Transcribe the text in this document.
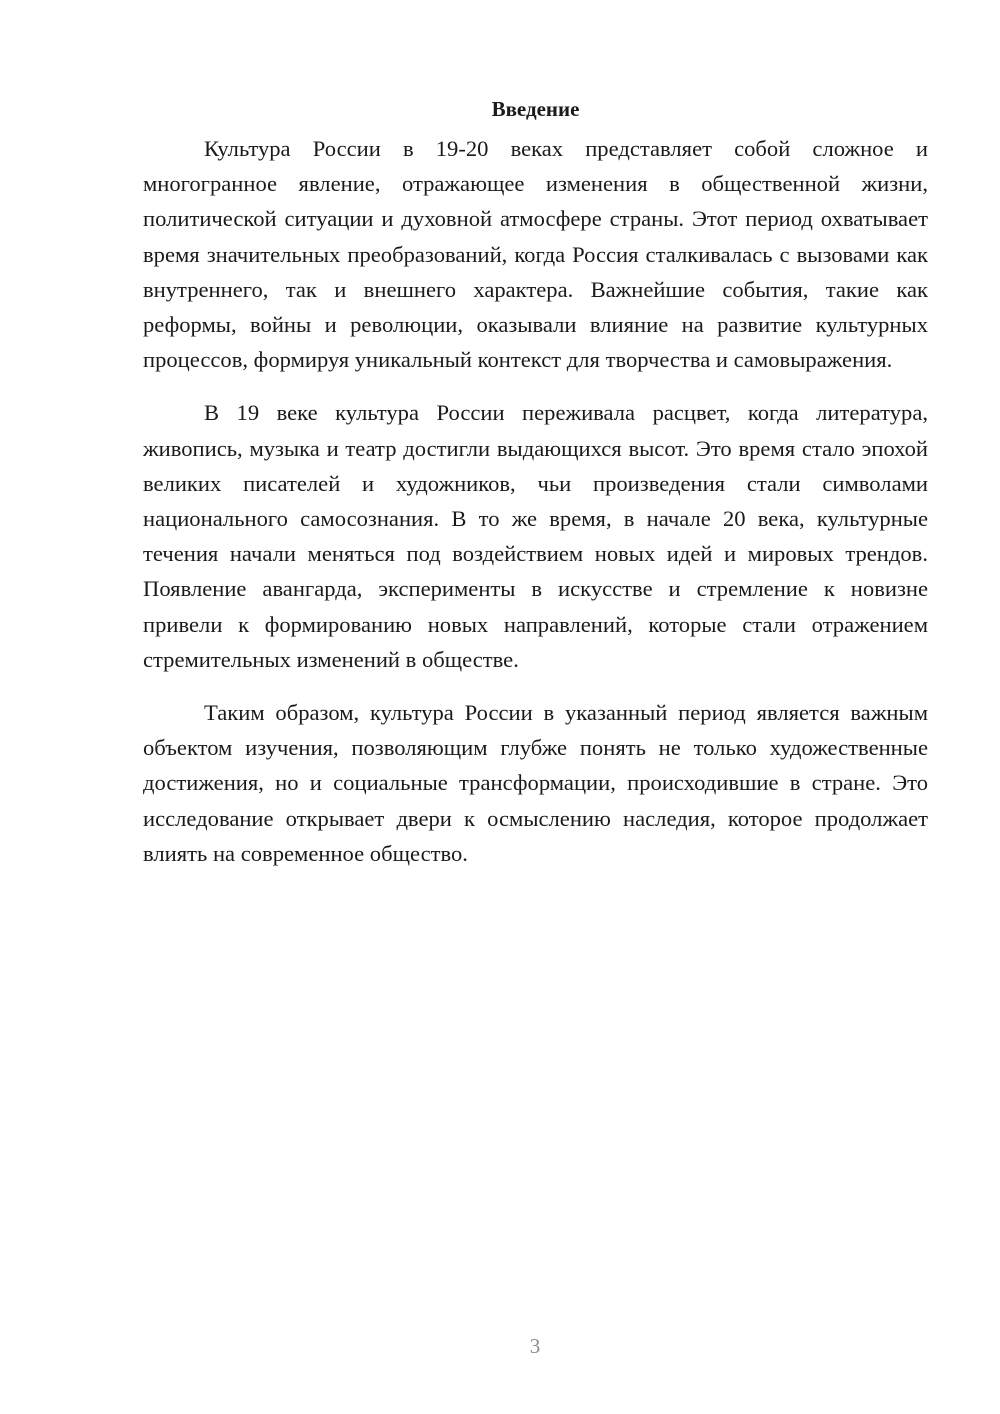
Введение

Культура России в 19-20 веках представляет собой сложное и многогранное явление, отражающее изменения в общественной жизни, политической ситуации и духовной атмосфере страны. Этот период охватывает время значительных преобразований, когда Россия сталкивалась с вызовами как внутреннего, так и внешнего характера. Важнейшие события, такие как реформы, войны и революции, оказывали влияние на развитие культурных процессов, формируя уникальный контекст для творчества и самовыражения.

В 19 веке культура России переживала расцвет, когда литература, живопись, музыка и театр достигли выдающихся высот. Это время стало эпохой великих писателей и художников, чьи произведения стали символами национального самосознания. В то же время, в начале 20 века, культурные течения начали меняться под воздействием новых идей и мировых трендов. Появление авангарда, эксперименты в искусстве и стремление к новизне привели к формированию новых направлений, которые стали отражением стремительных изменений в обществе.

Таким образом, культура России в указанный период является важным объектом изучения, позволяющим глубже понять не только художественные достижения, но и социальные трансформации, происходившие в стране. Это исследование открывает двери к осмыслению наследия, которое продолжает влиять на современное общество.

3
